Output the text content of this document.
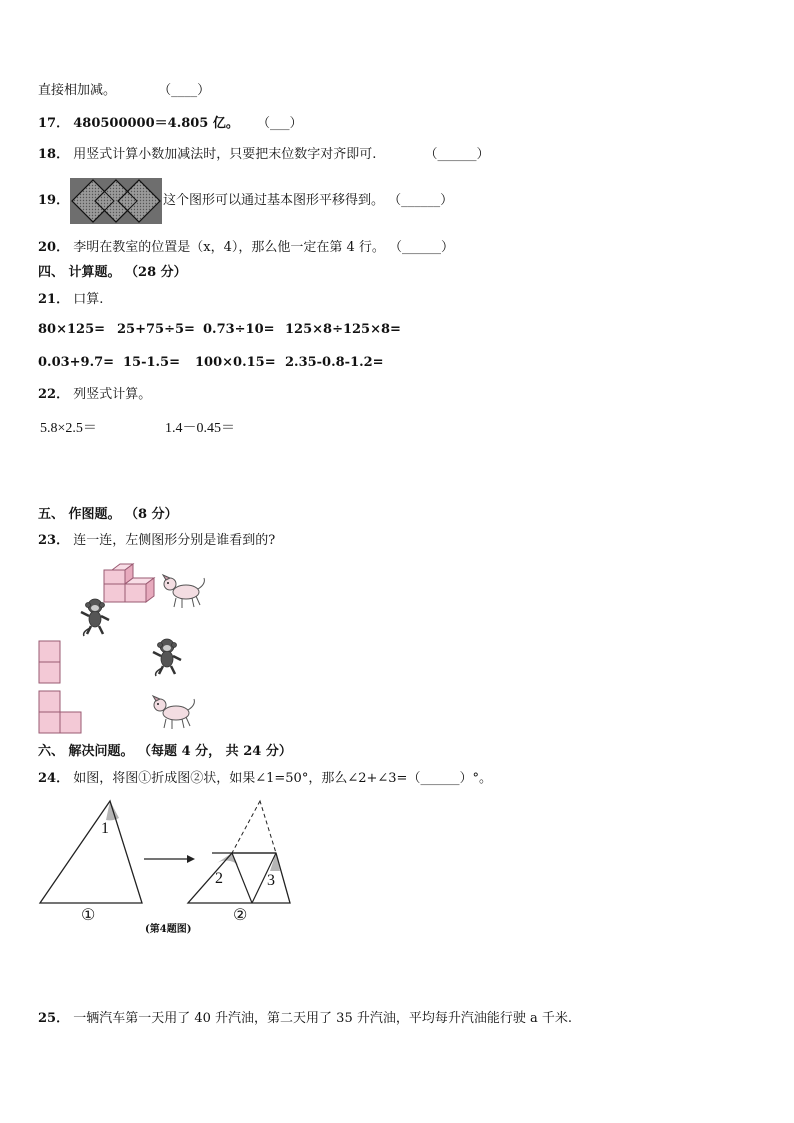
直接相加减。	（____）
17． 480500000＝4.805 亿。 （___）
18． 用竖式计算小数加减法时，只要把末位数字对齐即可.	（______）
19．	这个图形可以通过基本图形平移得到。 （______）
20． 李明在教室的位置是（x，4），那么他一定在第 4 行。 （______）
四、 计算题。 （28 分）
21． 口算.
80×125= 25+75÷5= 0.73÷10= 125×8÷125×8=
0.03+9.7= 15-1.5= 100×0.15= 2.35-0.8-1.2=
22． 列竖式计算。
5.8×2.5＝	1.4－0.45＝
五、 作图题。 （8 分）
23． 连一连，左侧图形分别是谁看到的?
六、 解决问题。 （每题 4 分， 共 24 分）
24． 如图，将图①折成图②状，如果∠1=50°，那么∠2+∠3=（______）°。
1
2	3
①	②
(第4题图)
25． 一辆汽车第一天用了 40 升汽油，第二天用了 35 升汽油，平均每升汽油能行驶 a 千米.
